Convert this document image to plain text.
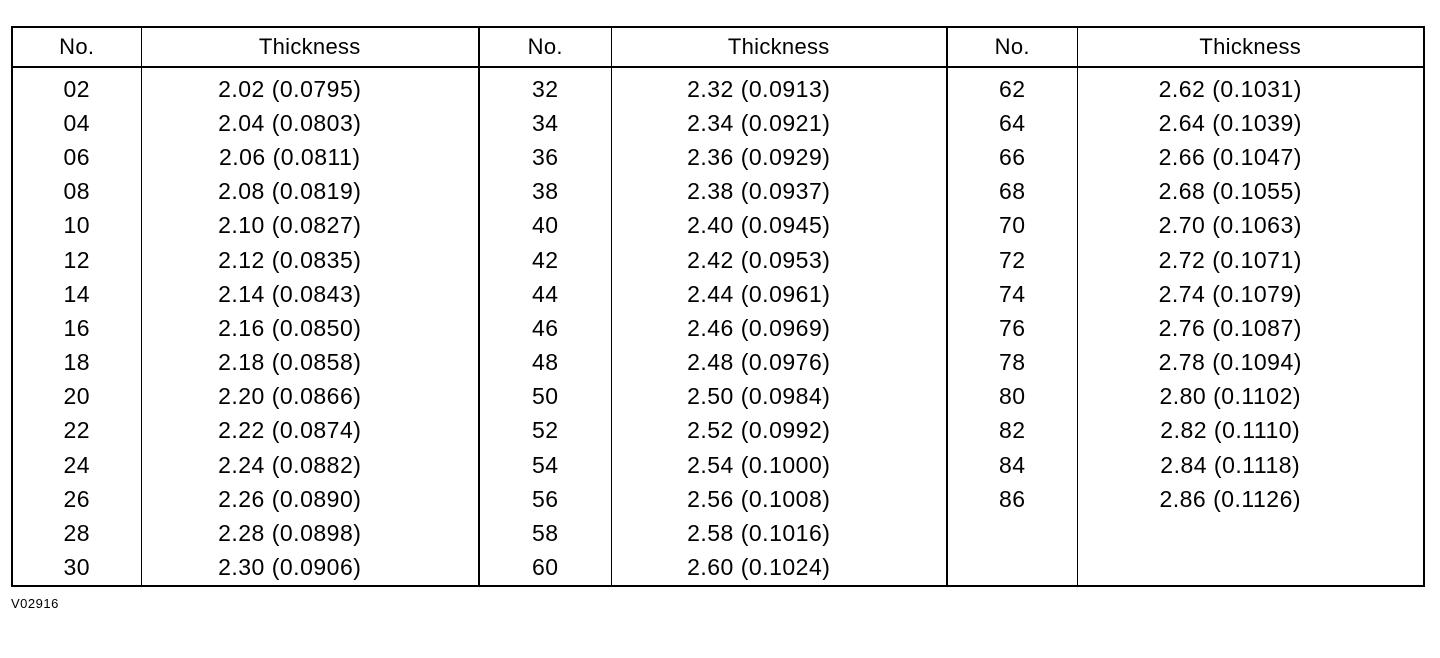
No.	Thickness	No.	Thickness	No.	Thickness
02	2.02 (0.0795)	32	2.32 (0.0913)	62	2.62 (0.1031)
04	2.04 (0.0803)	34	2.34 (0.0921)	64	2.64 (0.1039)
06	2.06 (0.0811)	36	2.36 (0.0929)	66	2.66 (0.1047)
08	2.08 (0.0819)	38	2.38 (0.0937)	68	2.68 (0.1055)
10	2.10 (0.0827)	40	2.40 (0.0945)	70	2.70 (0.1063)
12	2.12 (0.0835)	42	2.42 (0.0953)	72	2.72 (0.1071)
14	2.14 (0.0843)	44	2.44 (0.0961)	74	2.74 (0.1079)
16	2.16 (0.0850)	46	2.46 (0.0969)	76	2.76 (0.1087)
18	2.18 (0.0858)	48	2.48 (0.0976)	78	2.78 (0.1094)
20	2.20 (0.0866)	50	2.50 (0.0984)	80	2.80 (0.1102)
22	2.22 (0.0874)	52	2.52 (0.0992)	82	2.82 (0.1110)
24	2.24 (0.0882)	54	2.54 (0.1000)	84	2.84 (0.1118)
26	2.26 (0.0890)	56	2.56 (0.1008)	86	2.86 (0.1126)
28	2.28 (0.0898)	58	2.58 (0.1016)		
30	2.30 (0.0906)	60	2.60 (0.1024)		
V02916
